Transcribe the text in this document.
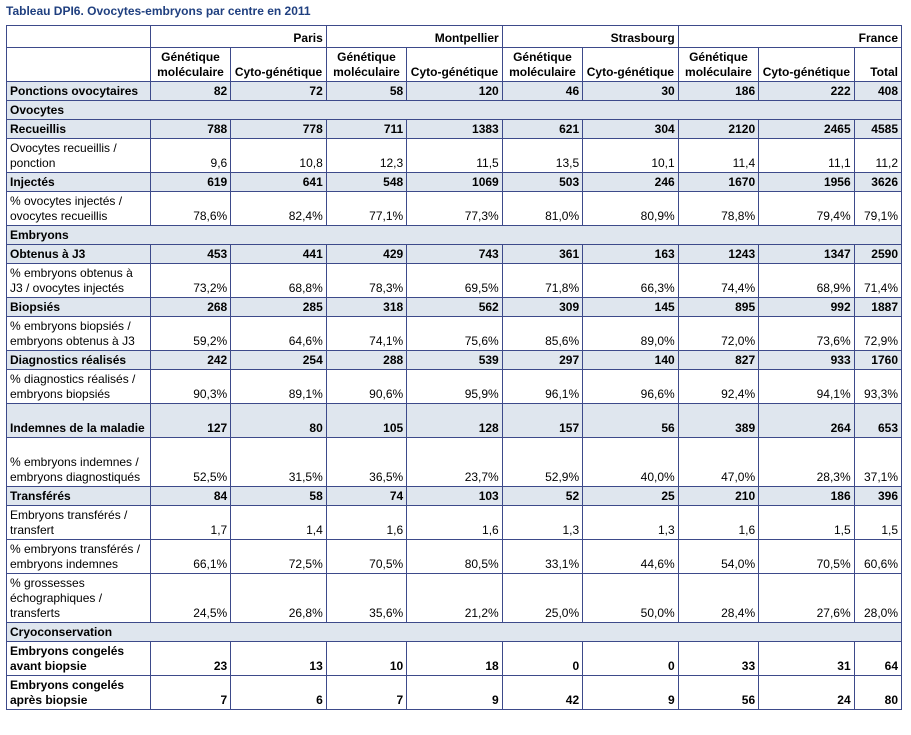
Tableau DPI6. Ovocytes-embryons par centre en 2011
	Paris		Montpellier		Strasbourg		France		
	Génétique moléculaire	Cyto-génétique	Génétique moléculaire	Cyto-génétique	Génétique moléculaire	Cyto-génétique	Génétique moléculaire	Cyto-génétique	Total
Ponctions ovocytaires	82	72	58	120	46	30	186	222	408
Ovocytes									
Recueillis	788	778	711	1383	621	304	2120	2465	4585
Ovocytes recueillis / ponction	9,6	10,8	12,3	11,5	13,5	10,1	11,4	11,1	11,2
Injectés	619	641	548	1069	503	246	1670	1956	3626
% ovocytes injectés / ovocytes recueillis	78,6%	82,4%	77,1%	77,3%	81,0%	80,9%	78,8%	79,4%	79,1%
Embryons									
Obtenus à J3	453	441	429	743	361	163	1243	1347	2590
% embryons obtenus à J3 / ovocytes injectés	73,2%	68,8%	78,3%	69,5%	71,8%	66,3%	74,4%	68,9%	71,4%
Biopsiés	268	285	318	562	309	145	895	992	1887
% embryons biopsiés / embryons obtenus à J3	59,2%	64,6%	74,1%	75,6%	85,6%	89,0%	72,0%	73,6%	72,9%
Diagnostics réalisés	242	254	288	539	297	140	827	933	1760
% diagnostics réalisés / embryons biopsiés	90,3%	89,1%	90,6%	95,9%	96,1%	96,6%	92,4%	94,1%	93,3%
Indemnes de la maladie	127	80	105	128	157	56	389	264	653
% embryons indemnes / embryons diagnostiqués	52,5%	31,5%	36,5%	23,7%	52,9%	40,0%	47,0%	28,3%	37,1%
Transférés	84	58	74	103	52	25	210	186	396
Embryons transférés / transfert	1,7	1,4	1,6	1,6	1,3	1,3	1,6	1,5	1,5
% embryons transférés / embryons indemnes	66,1%	72,5%	70,5%	80,5%	33,1%	44,6%	54,0%	70,5%	60,6%
% grossesses échographiques / transferts	24,5%	26,8%	35,6%	21,2%	25,0%	50,0%	28,4%	27,6%	28,0%
Cryoconservation									
Embryons congelés avant biopsie	23	13	10	18	0	0	33	31	64
Embryons congelés après biopsie	7	6	7	9	42	9	56	24	80
